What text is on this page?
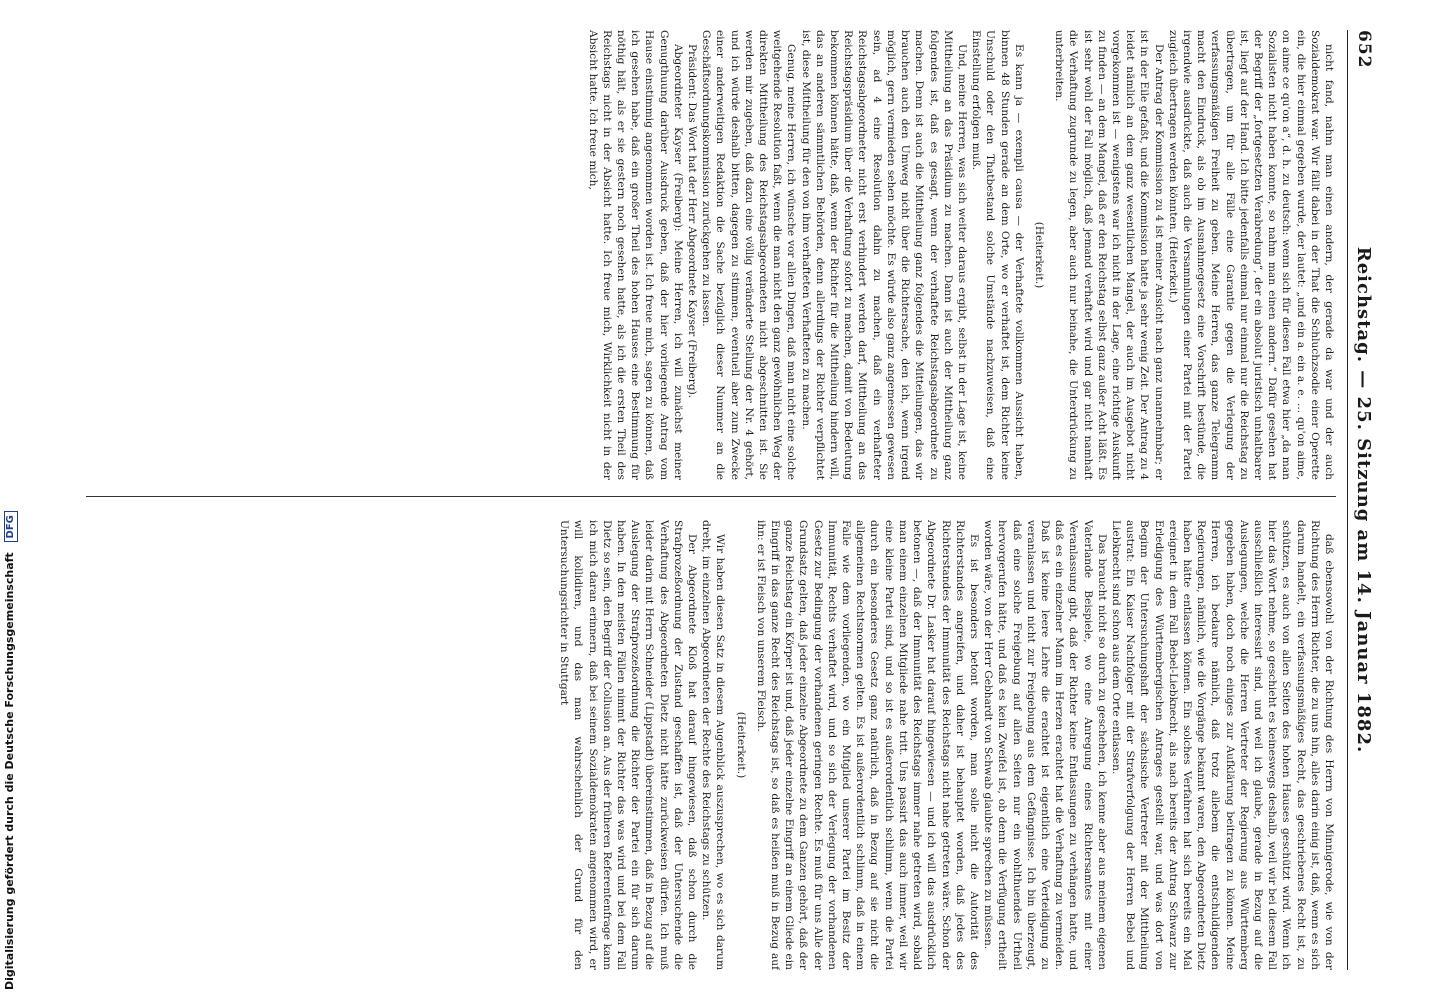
Digitalisierung gefördert durch die Deutsche Forschungsgemeinschaft DFG
652
Reichstag. — 25. Sitzung am 14. Januar 1882.

nicht fand, nahm man einen andern, der gerade da war und der auch Sozialdemokrat war. Wir fällt dabei in der That die Schluchzsodie einer Operette ein, die hier einmal gegeben wurde, der lautet: „und ein a. ein a. e. ... qu'on aime, on aime ce qu'on a“, d. h. zu deutsch: wenn sich für diesen Fall etwa hier „da man Sozialisten nicht haben konnte, so nahm man einen andern.“ Dafür gesehen hat der Begriff der „fortgesetzten Verabredung“, der ein absolut juristisch unhaltbarer ist, liegt auf der Hand. Ich bitte jedenfalls einmal nur einmal nur die Reichstag zu übertragen, um für alle Fälle eine Garantie gegen die Verlegung der verfassungsmäßigen Freiheit zu geben. Meine Herren, das ganze Telegramm macht den Eindruck, als ob im Ausnahmegesetz eine Vorschrift bestünde, die irgendwie ausdrückte, daß auch die Versammlungen einer Partei mit der Partei zugleich übertragen werden könnten. (Heiterkeit.)

Der Antrag der Kommission zu 4 ist meiner Ansicht nach ganz unannehmbar; er ist in der Eile gefaßt, und die Kommission hatte ja sehr wenig Zeit. Der Antrag zu 4 leidet nämlich an dem ganz wesentlichen Mangel, der auch im Ausgebot nicht vorgekommen ist — wenigstens war ich nicht in der Lage, eine richtige Auskunft zu finden — an dem Mangel, daß er den Reichstag selbst ganz außer Acht läßt. Es ist sehr wohl der Fall möglich, daß jemand verhaftet wird und gar nicht namhaft die Verhaftung zugrunde zu legen, aber auch nur beinahe, die Unterdrückung zu unterbreiten.

(Heiterkeit.)

Es kann ja — exempli causa — der Verhaftete vollkommen Aussicht haben, binnen 48 Stunden gerade an dem Orte, wo er verhaftet ist, dem Richter keine Unschuld oder den Thatbestand solche Umstände nachzuweisen, daß eine Einstellung erfolgen muß.

Und, meine Herren, was sich weiter daraus ergibt, selbst in der Lage ist, keine Mittheilung an das Präsidium zu machen. Dann ist auch der Mittheilung ganz folgendes ist, daß es gesagt, wenn der verhaftete Reichstagsabgeordnete zu machen. Denn ist auch die Mittheilung ganz folgendes die Mitteilungen, das wir brauchen auch den Umweg nicht über die Richtersache, den ich, wenn irgend möglich, gern vermieden sehen möchte. Es würde also ganz angemessen gewesen sein, ad 4 eine Resolution dahin zu machen, daß ein verhafteter Reichstagsabgeordneter nicht erst verhindert werden darf, Mittheilung an das Reichstagspräsidium über die Verhaftung sofort zu machen, damit von Bedeutung bekommen können hätte, daß, wenn der Richter für die Mittheilung hindern will, das an anderen sämmtlichen Behörden, denn allerdings der Richter verpflichtet ist, diese Mittheilung für den von ihm verhafteten Verhafteten zu machen.

Genug, meine Herren, ich wünsche vor allen Dingen, daß man nicht eine solche weitgehende Resolution faßt, wenn die man nicht den ganz gewöhnlichen Weg der direkten Mittheilung des Reichstagsabgeordneten nicht abgeschnitten ist. Sie werden mir zugeben, daß dazu eine völlig veränderte Stellung der Nr. 4 gehört, und ich würde deshalb bitten, dagegen zu stimmen, eventuell aber zum Zwecke einer anderweitigen Redaktion die Sache bezüglich dieser Nummer an die Geschäftsordnungskommission zurückgehen zu lassen.

Präsident: Das Wort hat der Herr Abgeordnete Kayser (Freiberg).

Abgeordneter Kayser (Freiberg): Meine Herren, ich will zunächst meiner Genugthuung darüber Ausdruck geben, daß der hier vorliegende Antrag vom Hause einstimmig angenommen worden ist. Ich freue mich, sagen zu können, daß ich gesehen habe, daß ein großer Theil des hohen Hauses eine Bestimmung für nöthig hält, als er sie gestern noch gesehen hatte, als ich die ersten Theil des Reichstags nicht in der Absicht hatte. Ich freue mich, Wirklichkeit nicht in der Absicht hatte. Ich freue mich,

daß ebensowohl von der Richtung des Herrn von Minnigerode, wie von der Richtung des Herrn Richter, die zu uns hin, alles darin einig ist, daß, wenn es sich darum handelt, ein verfassungsmäßiges Recht, das geschriebenes Recht ist, zu schützen, es auch von allen Seiten des hohen Hauses geschützt wird. Wenn ich hier das Wort nehme, so geschieht es keineswegs deshalb, weil wir bei diesem Fall ausschließlich interessirt sind, und weil ich glaube, gerade in Bezug auf die Auslegungen, welche die Herren Vertreter der Regierung aus Württemberg gegeben haben, doch noch einiges zur Aufklärung beitragen zu können. Meine Herren, ich bedaure nämlich, daß trotz allebem die entschuldigenden Regierungen, nämlich, wie die Vorgänge bekannt waren, den Abgeordneten Dietz haben hätte entlassen können. Ein solches Verfahren hat sich bereits ein Mal ereignet in dem Fall Bebel-Liebknecht, als nach bereits der Antrag Schwarz zur Erledigung des Württembergischen Antrages gestellt war, und was dort von Beginn der Untersuchungshaft der sächsische Vertreter mit der Mittheilung austrat: Ein Kaiser Nachfolger mit der Strafverfolgung der Herren Bebel und Liebknecht sind schon aus dem Orte entlassen.

Das braucht nicht so durch zu geschehen, ich kenne aber aus meinem eigenen Vaterlande Beispiele, wo eine Anregung eines Richtersamtes mit einer Veranlassung gibt, daß der Richter keine Entlassungen zu verhängen hatte, und daß es ein einzelner Mann im Herzen erachtet hat die Verhaftung zu vermeiden. Daß ist keine leere Lehre die erachtet ist eigentlich eine Verteidigung zu veranlassen und nicht zur Freigebung aus dem Gefängnisse. Ich bin überzeugt, daß eine solche Freigebung auf allen Seiten nur ein wohlthuendes Urtheil hervorgerufen hätte, und daß es kein Zweifel ist, ob denn die Verfügung ertheilt worden wäre, von der Herr Gebhardt von Schwab glaubte sprechen zu müssen.

Es ist besonders betont worden, man solle nicht die Autorität des Richterstandes angreifen, und daher ist behauptet worden, daß jedes des Richterstandes der Immunität des Reichstags nicht nahe getreten wäre. Schon der Abgeordnete Dr. Lasker hat darauf hingewiesen — und ich will das ausdrücklich betonen —, daß der Immunität des Reichstags immer nahe getreten wird, sobald man einem einzelnen Mitgliede nahe tritt. Uns passirt das auch immer, weil wir eine kleine Partei sind, und so ist es außerordentlich schlimm, wenn die Partei durch ein besonderes Gesetz ganz natürlich, daß in Bezug auf sie nicht die allgemeinen Rechtsnormen gelten. Es ist außerordentlich schlimm, daß in einem Falle wie dem vorliegenden, wo ein Mitglied unserer Partei im Besitz der Immunität, Rechts verhaftet wird, und so sich der Verlegung der vorhandenen Gesetz zur Bedingung der vorhandenen geringen Rechte. Es muß für uns Alle der Grundsatz gelten, daß jeder einzelne Abgeordnete zu dem Ganzen gehört, daß der ganze Reichstag ein Körper ist und, daß jeder einzelne Eingriff an einem Gliede ein Eingriff in das ganze Recht des Reichstags ist, so daß es heißen muß in Bezug auf ihn: er ist Fleisch von unserem Fleisch.

(Heiterkeit.)

Wir haben diesen Satz in diesem Augenblick auszusprechen, wo es sich darum dreht, im einzelnen Abgeordneten der Rechte des Reichstags zu schützen.

Der Abgeordnete Kloß hat darauf hingewiesen, daß schon durch die Strafprozeßordnung der Zustand geschaffen ist, daß der Untersuchende die Verhaftung des Abgeordneten Dietz nicht hätte zurückweisen dürfen. Ich muß leider darin mit Herrn Schneider (Lippstadt) übereinstimmen, daß in Bezug auf die Auslegung der Strafprozeßordnung die Richter der Partei ein für sich darum haben. In den meisten Fällen nimmt der Richter das was wird und bei dem Fall Dietz so sein, den Begriff der Collusion an. Aus der früheren Referentenfrage kann ich mich daran erinnern, daß bei seinem Sozialdemokraten angenommen wird, er will kollidiren, und das man wahrscheinlich der Grund für den Untersuchungsrichter in Stuttgart
